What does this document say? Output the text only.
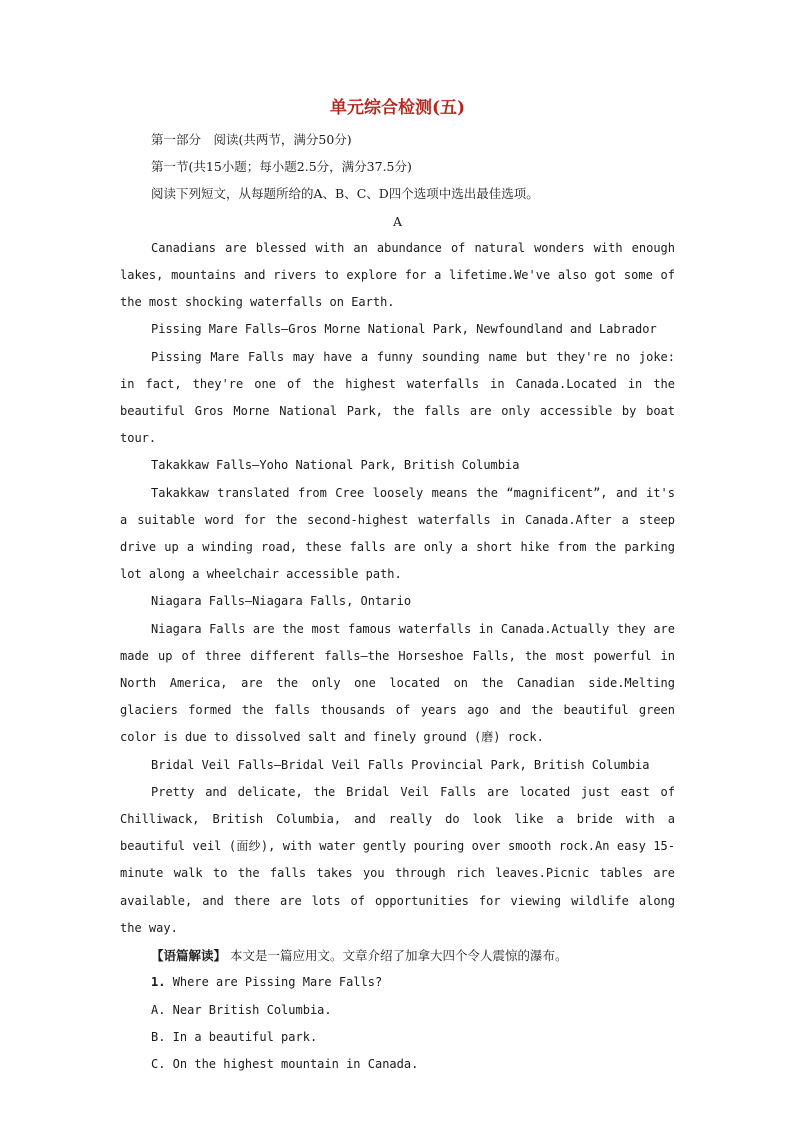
单元综合检测(五)
第一部分　阅读(共两节，满分50分)
第一节(共15小题；每小题2.5分，满分37.5分)
阅读下列短文，从每题所给的A、B、C、D四个选项中选出最佳选项。
A

Canadians are blessed with an abundance of natural wonders with enough lakes, mountains and rivers to explore for a lifetime.We've also got some of the most shocking waterfalls on Earth.

Pissing Mare Falls—Gros Morne National Park, Newfoundland and Labrador

Pissing Mare Falls may have a funny sounding name but they're no joke: in fact, they're one of the highest waterfalls in Canada.Located in the beautiful Gros Morne National Park, the falls are only accessible by boat tour.

Takakkaw Falls—Yoho National Park, British Columbia

Takakkaw translated from Cree loosely means the “magnificent”, and it's a suitable word for the second-highest waterfalls in Canada.After a steep drive up a winding road, these falls are only a short hike from the parking lot along a wheelchair accessible path.

Niagara Falls—Niagara Falls, Ontario

Niagara Falls are the most famous waterfalls in Canada.Actually they are made up of three different falls—the Horseshoe Falls, the most powerful in North America, are the only one located on the Canadian side.Melting glaciers formed the falls thousands of years ago and the beautiful green color is due to dissolved salt and finely ground (磨) rock.

Bridal Veil Falls—Bridal Veil Falls Provincial Park, British Columbia

Pretty and delicate, the Bridal Veil Falls are located just east of Chilliwack, British Columbia, and really do look like a bride with a beautiful veil (面纱), with water gently pouring over smooth rock.An easy 15-minute walk to the falls takes you through rich leaves.Picnic tables are available, and there are lots of opportunities for viewing wildlife along the way.

【语篇解读】 本文是一篇应用文。文章介绍了加拿大四个令人震惊的瀑布。
1. Where are Pissing Mare Falls?
A. Near British Columbia.
B. In a beautiful park.
C. On the highest mountain in Canada.
